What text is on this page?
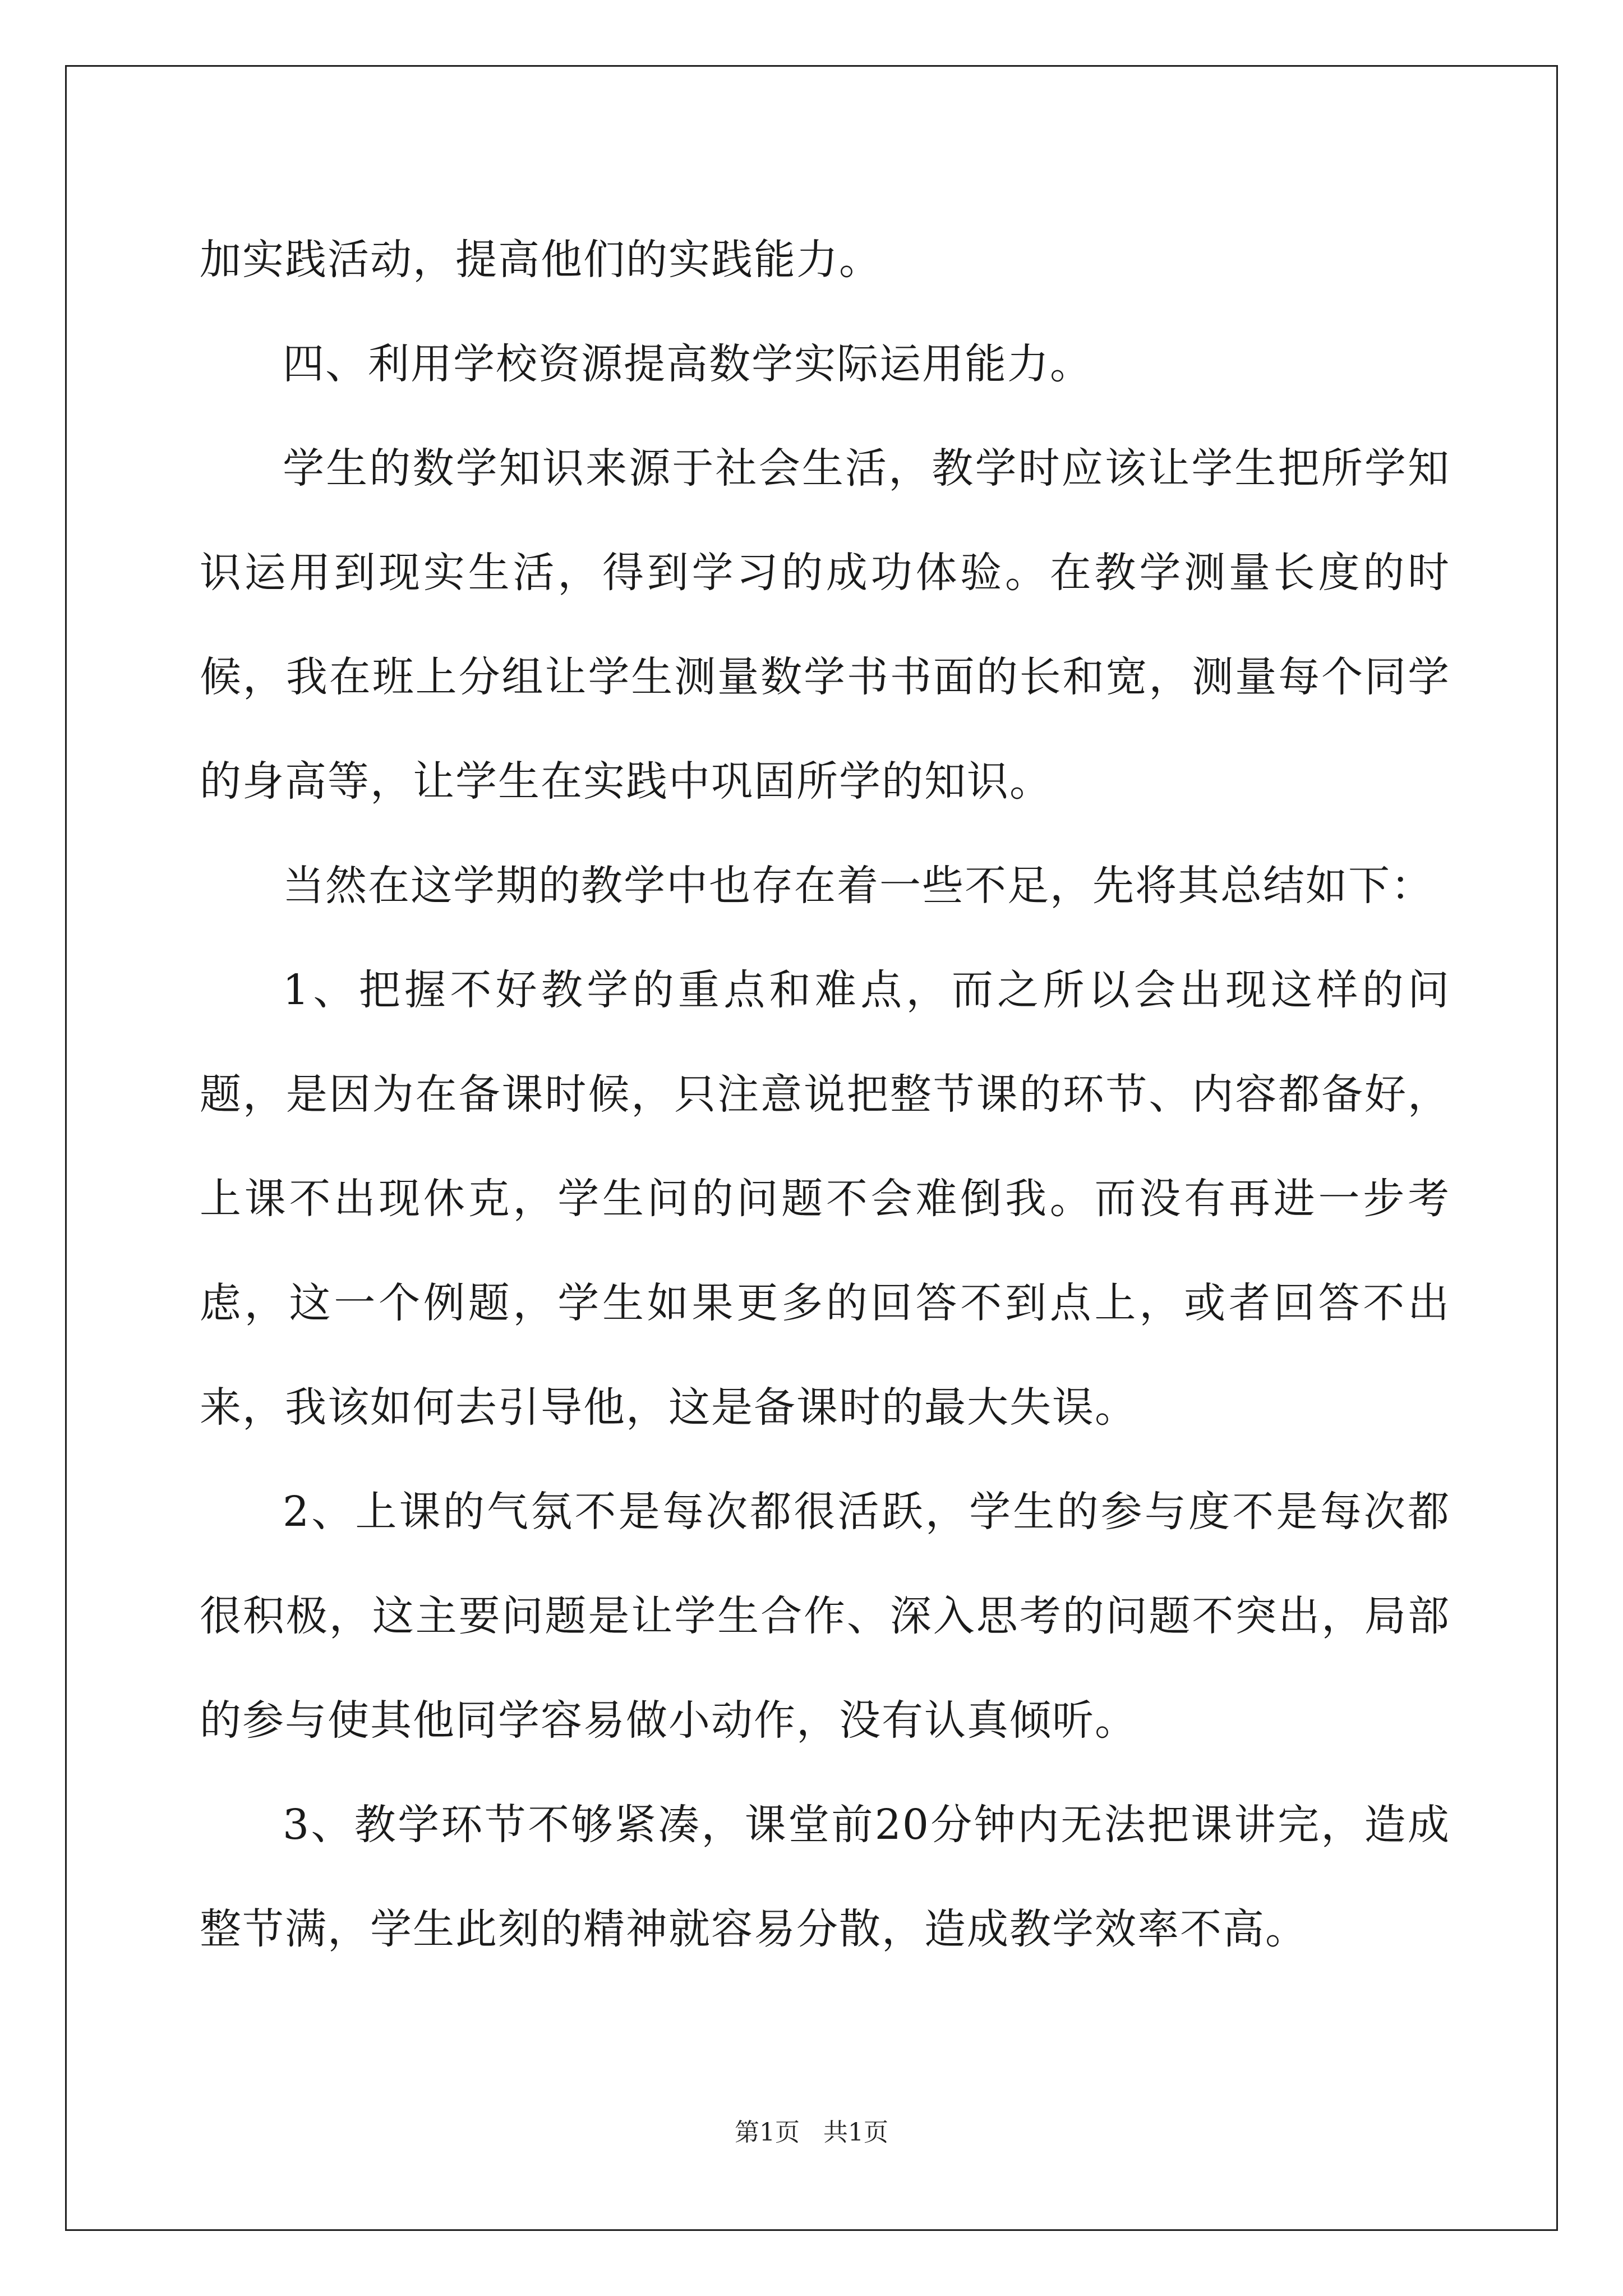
加实践活动，提高他们的实践能力。

四、利用学校资源提高数学实际运用能力。

学生的数学知识来源于社会生活，教学时应该让学生把所学知识运用到现实生活，得到学习的成功体验。在教学测量长度的时候，我在班上分组让学生测量数学书书面的长和宽，测量每个同学的身高等，让学生在实践中巩固所学的知识。

当然在这学期的教学中也存在着一些不足，先将其总结如下：

1、把握不好教学的重点和难点，而之所以会出现这样的问题，是因为在备课时候，只注意说把整节课的环节、内容都备好，上课不出现休克，学生问的问题不会难倒我。而没有再进一步考虑，这一个例题，学生如果更多的回答不到点上，或者回答不出来，我该如何去引导他，这是备课时的最大失误。

2、上课的气氛不是每次都很活跃，学生的参与度不是每次都很积极，这主要问题是让学生合作、深入思考的问题不突出，局部的参与使其他同学容易做小动作，没有认真倾听。

3、教学环节不够紧凑，课堂前20分钟内无法把课讲完，造成整节满，学生此刻的精神就容易分散，造成教学效率不高。

第1页 共1页
